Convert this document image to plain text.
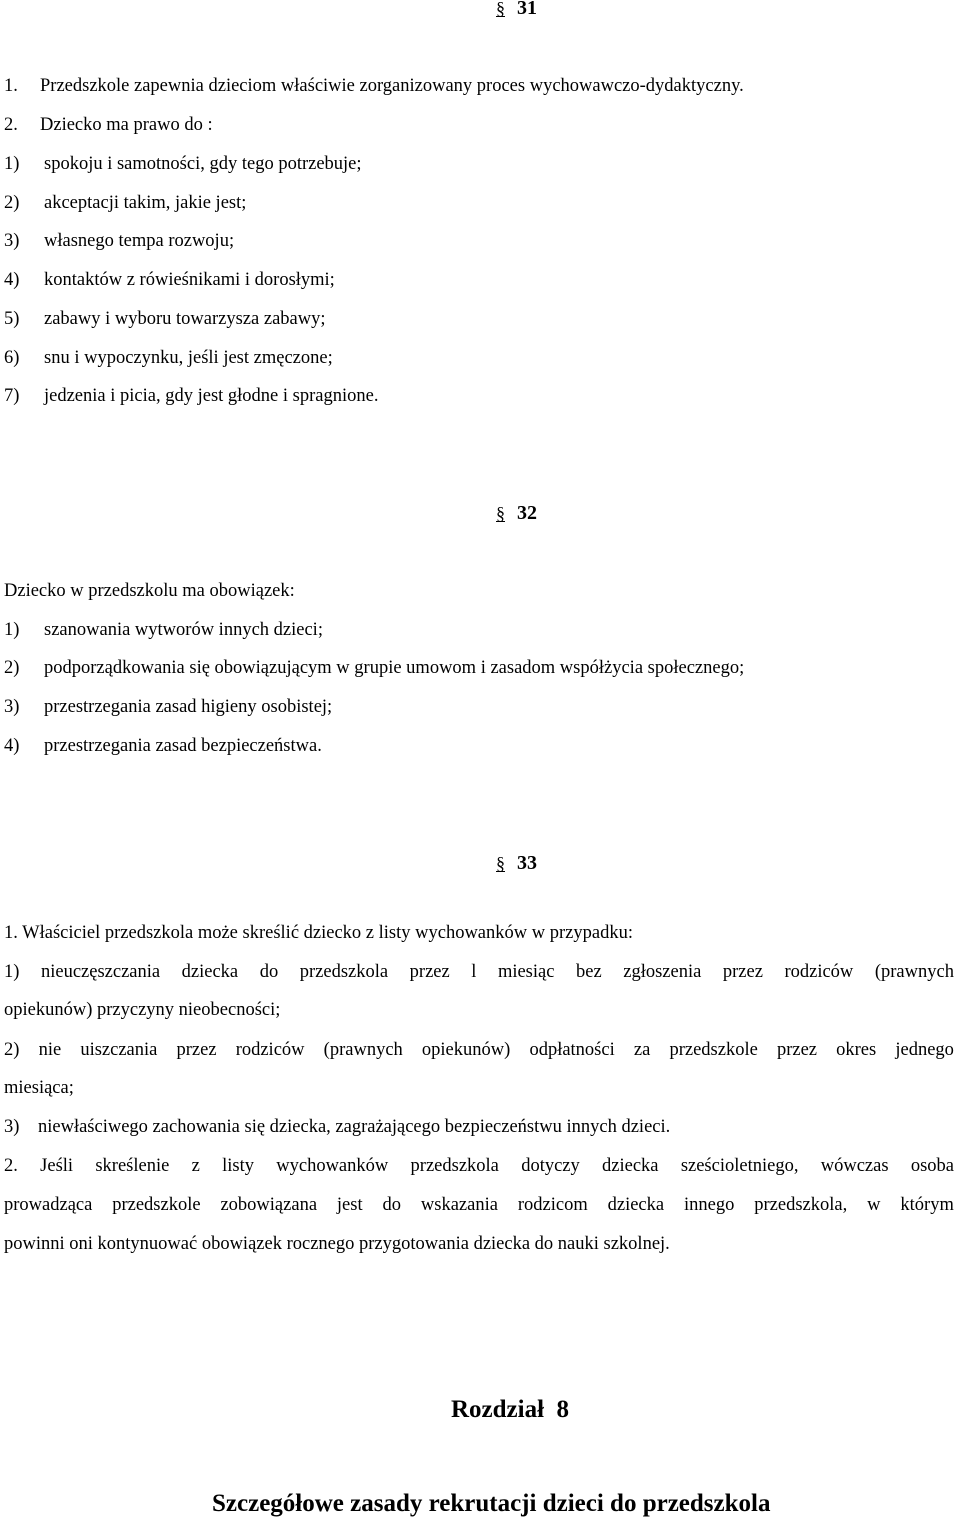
§ 31
1. Przedszkole zapewnia dzieciom właściwie zorganizowany proces wychowawczo-dydaktyczny.
2. Dziecko ma prawo do :
1) spokoju i samotności, gdy tego potrzebuje;
2) akceptacji takim, jakie jest;
3) własnego tempa rozwoju;
4) kontaktów z rówieśnikami i dorosłymi;
5) zabawy i wyboru towarzysza zabawy;
6) snu i wypoczynku, jeśli jest zmęczone;
7) jedzenia i picia, gdy jest głodne i spragnione.
§ 32
Dziecko w przedszkolu ma obowiązek:
1) szanowania wytworów innych dzieci;
2) podporządkowania się obowiązującym w grupie umowom i zasadom współżycia społecznego;
3) przestrzegania zasad higieny osobistej;
4) przestrzegania zasad bezpieczeństwa.
§ 33
1. Właściciel przedszkola może skreślić dziecko z listy wychowanków w przypadku:
1) nieuczęszczania dziecka do przedszkola przez l miesiąc bez zgłoszenia przez rodziców (prawnych
opiekunów) przyczyny nieobecności;
2) nie uiszczania przez rodziców (prawnych opiekunów) odpłatności za przedszkole przez okres jednego
miesiąca;
3) niewłaściwego zachowania się dziecka, zagrażającego bezpieczeństwu innych dzieci.
2. Jeśli skreślenie z listy wychowanków przedszkola dotyczy dziecka sześcioletniego, wówczas osoba
prowadząca przedszkole zobowiązana jest do wskazania rodzicom dziecka innego przedszkola, w którym
powinni oni kontynuować obowiązek rocznego przygotowania dziecka do nauki szkolnej.
Rozdział 8
Szczegółowe zasady rekrutacji dzieci do przedszkola
